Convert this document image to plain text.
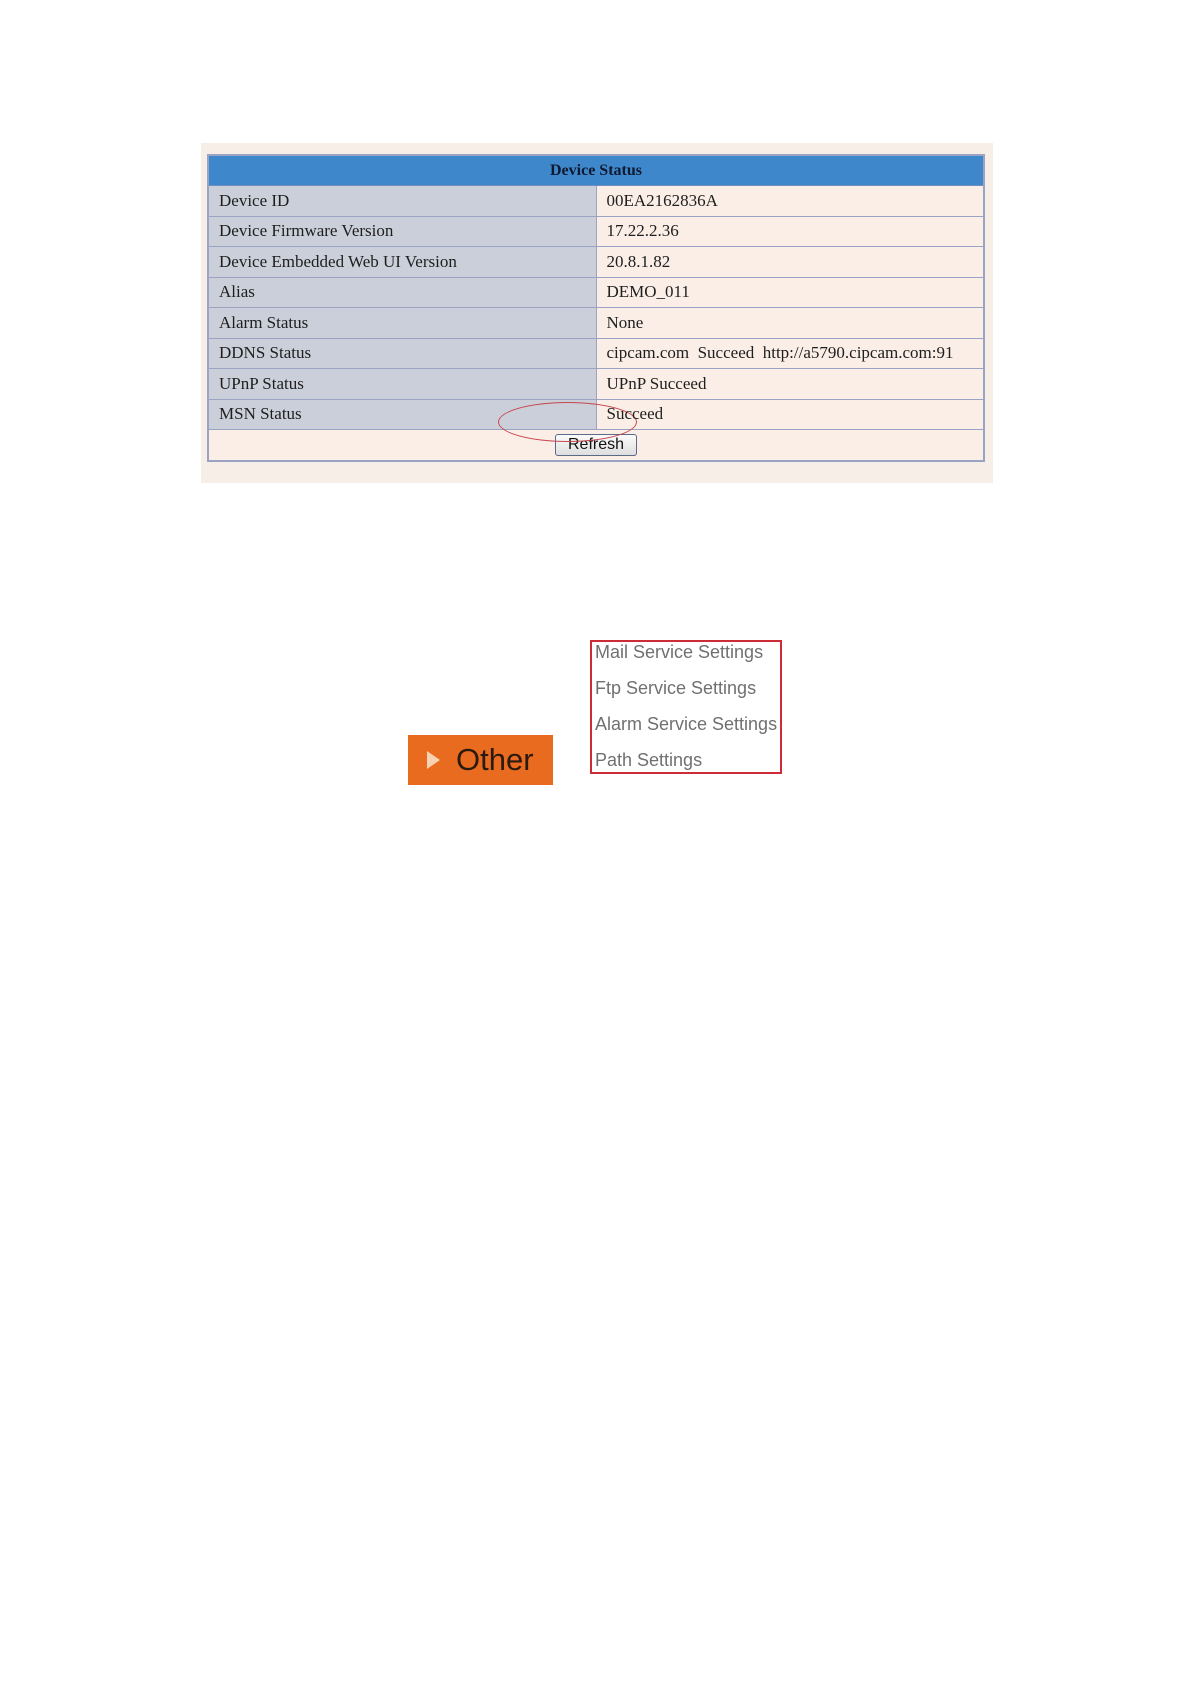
Device Status	
Device ID	00EA2162836A
Device Firmware Version	17.22.2.36
Device Embedded Web UI Version	20.8.1.82
Alias	DEMO_011
Alarm Status	None
DDNS Status	cipcam.com  Succeed  http://a5790.cipcam.com:91
UPnP Status	UPnP Succeed
MSN Status	Succeed
Refresh	
Other
Mail Service Settings
Ftp Service Settings
Alarm Service Settings
Path Settings
